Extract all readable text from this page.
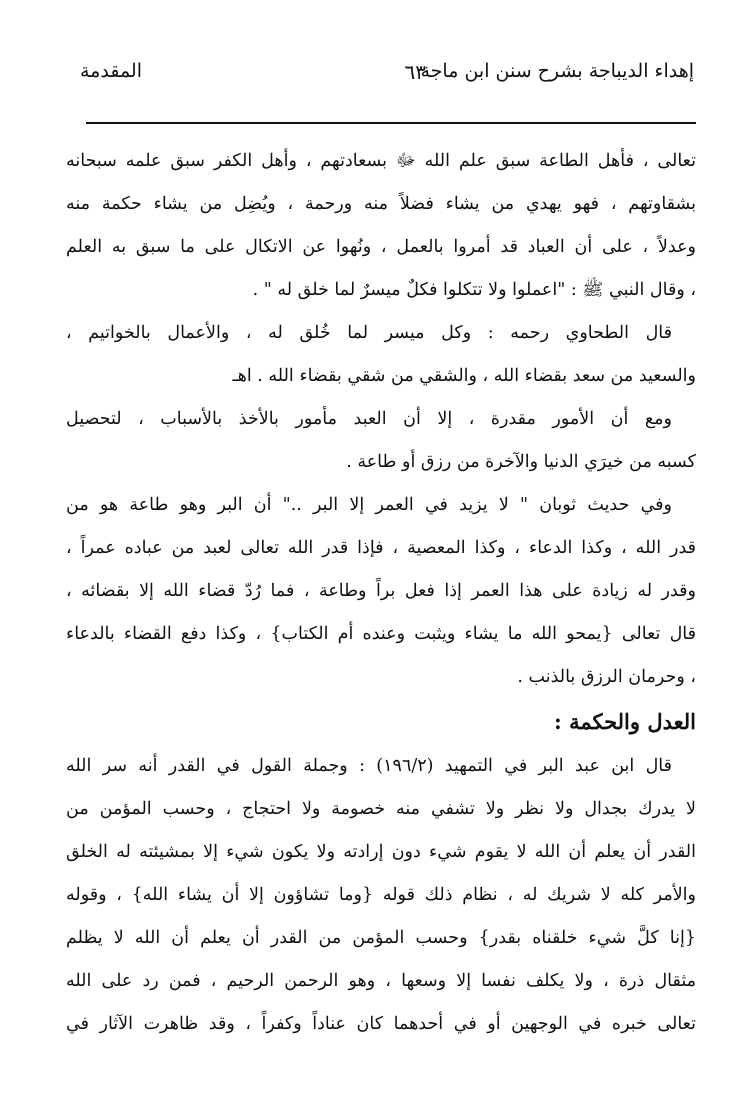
إهداء الديباجة بشرح سنن ابن ماجة
٦٣
المقدمة
تعالى ، فأهل الطاعة سبق علم الله ﷻ بسعادتهم ، وأهل الكفر سبق علمه سبحانه
بشقاوتهم ، فهو يهدي من يشاء فضلاً منه ورحمة ، ويُضِل من يشاء حكمة منه
وعدلاً ، على أن العباد قد أمروا بالعمل ، ونُهوا عن الاتكال على ما سبق به العلم
، وقال النبي ﷺ : "اعملوا ولا تتكلوا فكلٌ ميسرٌ لما خلق له " .
قال الطحاوي رحمه : وكل ميسر لما خُلق له ، والأعمال بالخواتيم ،
والسعيد من سعد بقضاء الله ، والشقي من شقي بقضاء الله . اهـ
ومع أن الأمور مقدرة ، إلا أن العبد مأمور بالأخذ بالأسباب ، لتحصيل
كسبه من خيرَي الدنيا والآخرة من رزق أو طاعة .
وفي حديث ثوبان " لا يزيد في العمر إلا البر .." أن البر وهو طاعة هو من
قدر الله ، وكذا الدعاء ، وكذا المعصية ، فإذا قدر الله تعالى لعبد من عباده عمراً ،
وقدر له زيادة على هذا العمر إذا فعل براً وطاعة ، فما رُدّ قضاء الله إلا بقضائه ،
قال تعالى {يمحو الله ما يشاء ويثبت وعنده أم الكتاب} ، وكذا دفع القضاء بالدعاء
، وحرمان الرزق بالذنب .
العدل والحكمة :
قال ابن عبد البر في التمهيد (١٩٦/٢) : وجملة القول في القدر أنه سر الله
لا يدرك بجدال ولا نظر ولا تشفي منه خصومة ولا احتجاج ، وحسب المؤمن من
القدر أن يعلم أن الله لا يقوم شيء دون إرادته ولا يكون شيء إلا بمشيئته له الخلق
والأمر كله لا شريك له ، نظام ذلك قوله {وما تشاؤون إلا أن يشاء الله} ، وقوله
{إنا كلَّ شيء خلقناه بقدر} وحسب المؤمن من القدر أن يعلم أن الله لا يظلم
مثقال ذرة ، ولا يكلف نفسا إلا وسعها ، وهو الرحمن الرحيم ، فمن رد على الله
تعالى خبره في الوجهين أو في أحدهما كان عناداً وكفراً ، وقد ظاهرت الآثار في
